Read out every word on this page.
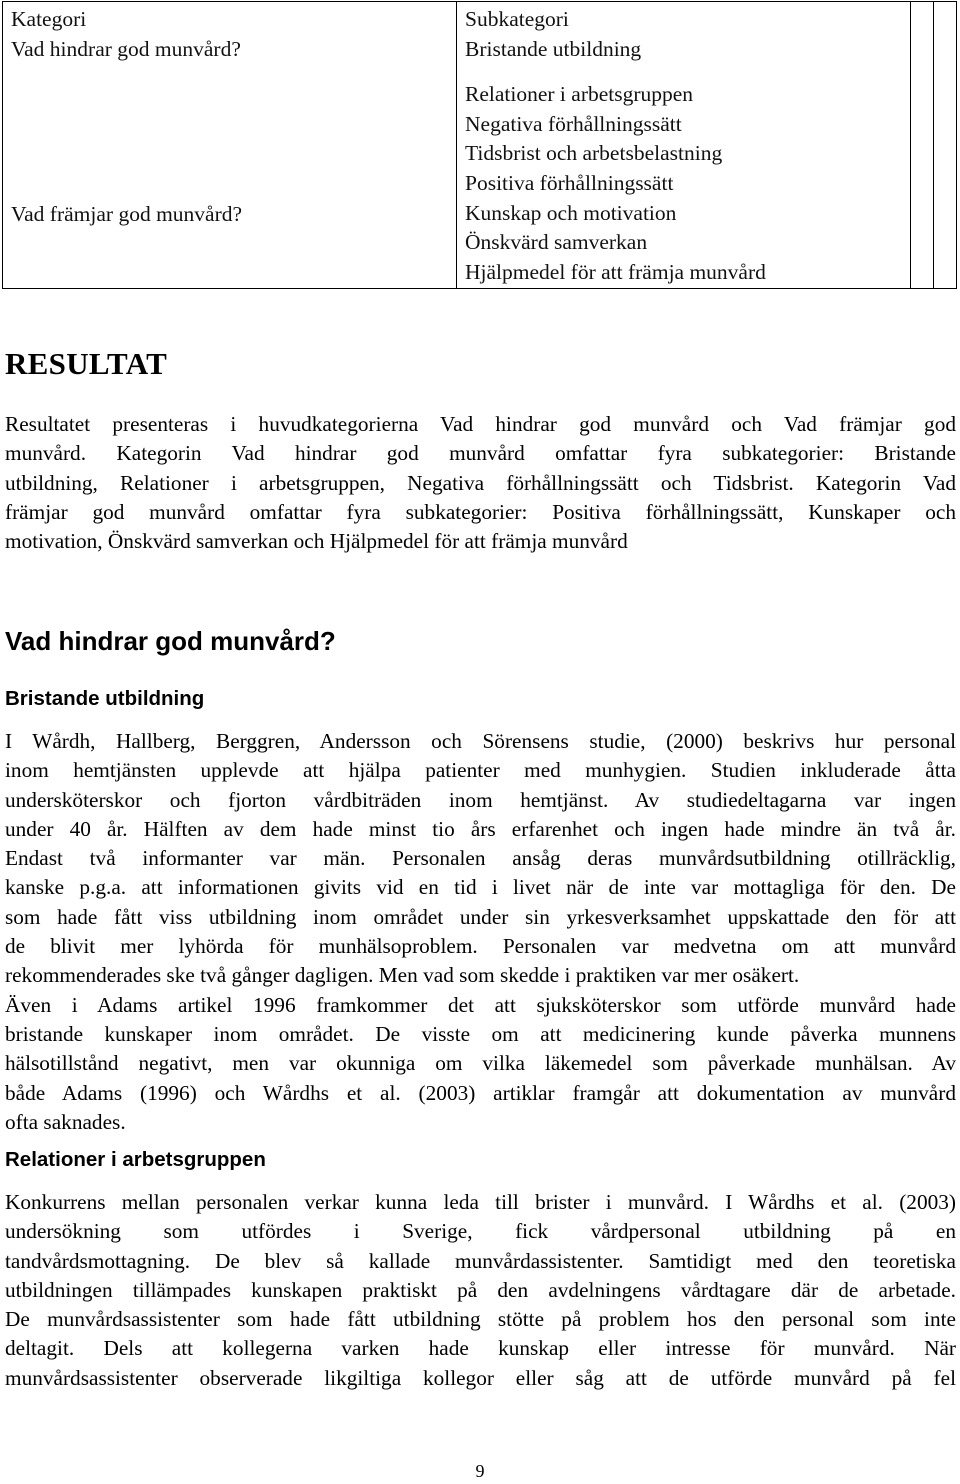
Kategori
Vad hindrar god munvård?
Vad främjar god munvård?

Subkategori
Bristande utbildning
Relationer i arbetsgruppen
Negativa förhållningssätt
Tidsbrist och arbetsbelastning
Positiva förhållningssätt
Kunskap och motivation
Önskvärd samverkan
Hjälpmedel för att främja munvård

RESULTAT
Resultatet presenteras i huvudkategorierna Vad hindrar god munvård och Vad främjar god
munvård. Kategorin Vad hindrar god munvård omfattar fyra subkategorier: Bristande
utbildning, Relationer i arbetsgruppen, Negativa förhållningssätt och Tidsbrist. Kategorin Vad
främjar god munvård omfattar fyra subkategorier: Positiva förhållningssätt, Kunskaper och
motivation, Önskvärd samverkan och Hjälpmedel för att främja munvård
Vad hindrar god munvård?
Bristande utbildning
I Wårdh, Hallberg, Berggren, Andersson och Sörensens studie, (2000) beskrivs hur personal
inom hemtjänsten upplevde att hjälpa patienter med munhygien. Studien inkluderade åtta
undersköterskor och fjorton vårdbiträden inom hemtjänst. Av studiedeltagarna var ingen
under 40 år. Hälften av dem hade minst tio års erfarenhet och ingen hade mindre än två år.
Endast två informanter var män. Personalen ansåg deras munvårdsutbildning otillräcklig,
kanske p.g.a. att informationen givits vid en tid i livet när de inte var mottagliga för den. De
som hade fått viss utbildning inom området under sin yrkesverksamhet uppskattade den för att
de blivit mer lyhörda för munhälsoproblem. Personalen var medvetna om att munvård
rekommenderades ske två gånger dagligen. Men vad som skedde i praktiken var mer osäkert.
Även i Adams artikel 1996 framkommer det att sjuksköterskor som utförde munvård hade
bristande kunskaper inom området. De visste om att medicinering kunde påverka munnens
hälsotillstånd negativt, men var okunniga om vilka läkemedel som påverkade munhälsan. Av
både Adams (1996) och Wårdhs et al. (2003) artiklar framgår att dokumentation av munvård
ofta saknades.
Relationer i arbetsgruppen
Konkurrens mellan personalen verkar kunna leda till brister i munvård. I Wårdhs et al. (2003)
undersökning som utfördes i Sverige, fick vårdpersonal utbildning på en
tandvårdsmottagning. De blev så kallade munvårdassistenter. Samtidigt med den teoretiska
utbildningen tillämpades kunskapen praktiskt på den avdelningens vårdtagare där de arbetade.
De munvårdsassistenter som hade fått utbildning stötte på problem hos den personal som inte
deltagit. Dels att kollegerna varken hade kunskap eller intresse för munvård. När
munvårdsassistenter observerade likgiltiga kollegor eller såg att de utförde munvård på fel
9
